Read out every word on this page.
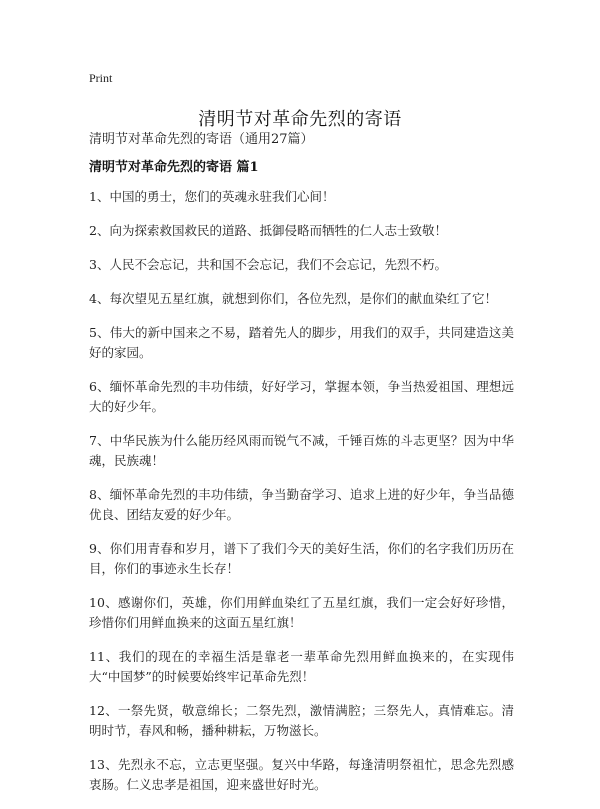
Print
清明节对革命先烈的寄语
清明节对革命先烈的寄语（通用27篇）
清明节对革命先烈的寄语 篇1
1、中国的勇士，您们的英魂永驻我们心间！
2、向为探索救国救民的道路、抵御侵略而牺牲的仁人志士致敬！
3、人民不会忘记，共和国不会忘记，我们不会忘记，先烈不朽。
4、每次望见五星红旗，就想到你们，各位先烈，是你们的献血染红了它！
5、伟大的新中国来之不易，踏着先人的脚步，用我们的双手，共同建造这美好的家园。
6、缅怀革命先烈的丰功伟绩，好好学习，掌握本领，争当热爱祖国、理想远大的好少年。
7、中华民族为什么能历经风雨而锐气不减，千锤百炼的斗志更坚？因为中华魂，民族魂！
8、缅怀革命先烈的丰功伟绩，争当勤奋学习、追求上进的好少年，争当品德优良、团结友爱的好少年。
9、你们用青春和岁月，谱下了我们今天的美好生活，你们的名字我们历历在目，你们的事迹永生长存！
10、感谢你们，英雄，你们用鲜血染红了五星红旗，我们一定会好好珍惜，珍惜你们用鲜血换来的这面五星红旗！
11、我们的现在的幸福生活是靠老一辈革命先烈用鲜血换来的，在实现伟大“中国梦”的时候要始终牢记革命先烈！
12、一祭先贤，敬意绵长；二祭先烈，激情满腔；三祭先人，真情难忘。清明时节，春风和畅，播种耕耘，万物滋长。
13、先烈永不忘，立志更坚强。复兴中华路，每逢清明祭祖忙，思念先烈感衷肠。仁义忠孝是祖国，迎来盛世好时光。
